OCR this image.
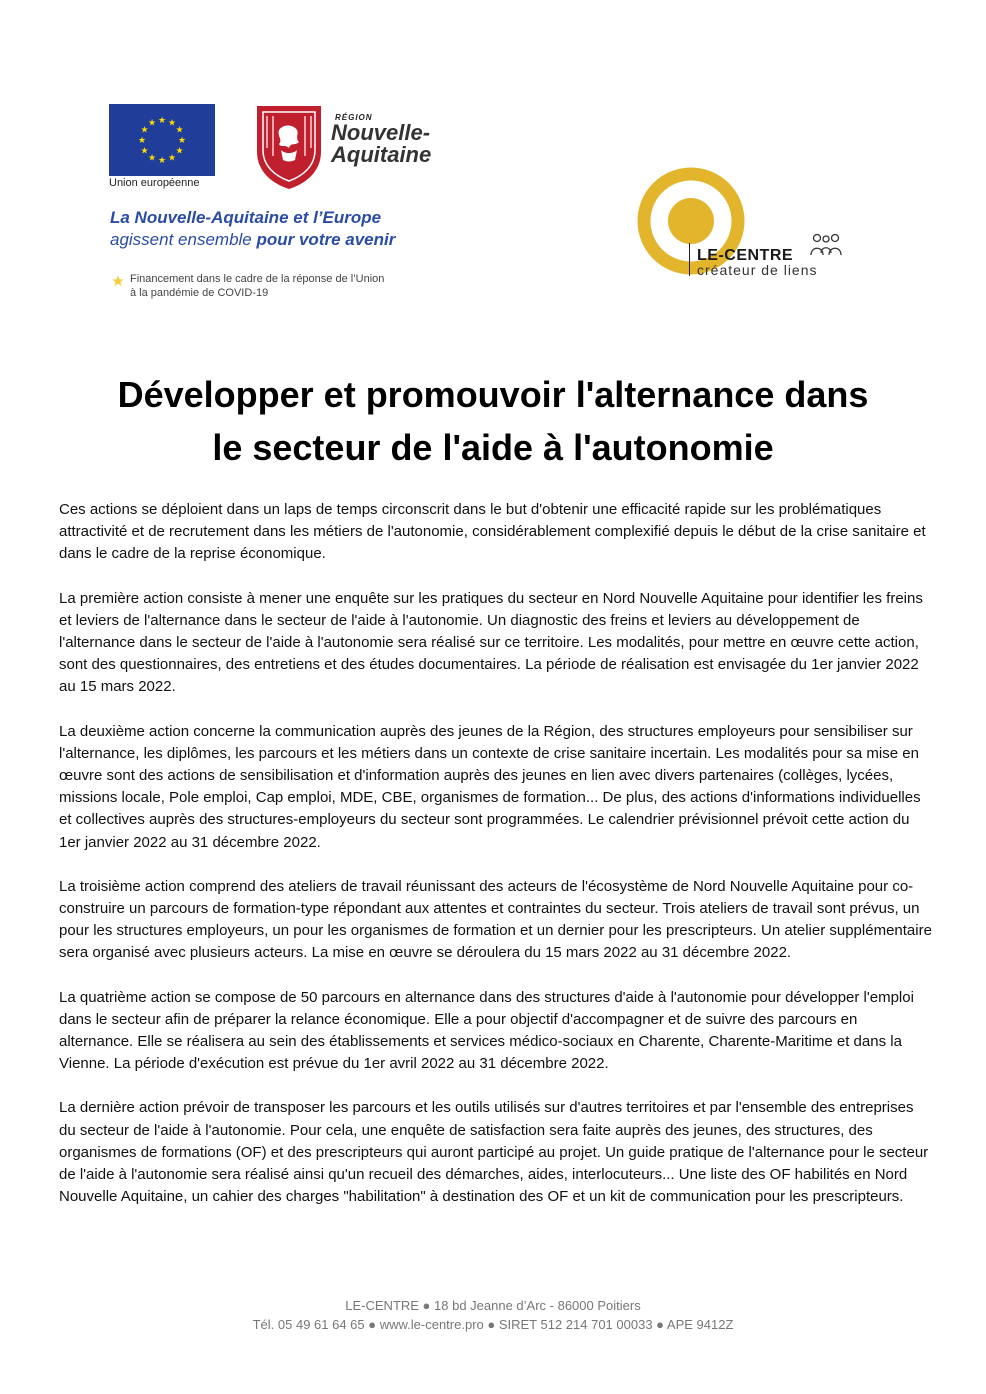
★ ★
★
★
★
★
★
★
★
★
★
★
Union européenne
RÉGION
Nouvelle-
Aquitaine
La Nouvelle-Aquitaine et l’Europe
agissent ensemble pour votre avenir
Financement dans le cadre de la réponse de l’Union
à la pandémie de COVID-19
LE-CENTRE
créateur de liens
Développer et promouvoir l'alternance dans
le secteur de l'aide à l'autonomie

Ces actions se déploient dans un laps de temps circonscrit dans le but d'obtenir une efficacité rapide sur les problématiques attractivité et de recrutement dans les métiers de l'autonomie, considérablement complexifié depuis le début de la crise sanitaire et dans le cadre de la reprise économique.

La première action consiste à mener une enquête sur les pratiques du secteur en Nord Nouvelle Aquitaine pour identifier les freins et leviers de l'alternance dans le secteur de l'aide à l'autonomie. Un diagnostic des freins et leviers au développement de l'alternance dans le secteur de l'aide à l'autonomie sera réalisé sur ce territoire. Les modalités, pour mettre en œuvre cette action, sont des questionnaires, des entretiens et des études documentaires. La période de réalisation est envisagée du 1er janvier 2022 au 15 mars 2022.

La deuxième action concerne la communication auprès des jeunes de la Région, des structures employeurs pour sensibiliser sur l'alternance, les diplômes, les parcours et les métiers dans un contexte de crise sanitaire incertain. Les modalités pour sa mise en œuvre sont des actions de sensibilisation et d'information auprès des jeunes en lien avec divers partenaires (collèges, lycées, missions locale, Pole emploi, Cap emploi, MDE, CBE, organismes de formation... De plus, des actions d'informations individuelles et collectives auprès des structures-employeurs du secteur sont programmées. Le calendrier prévisionnel prévoit cette action du 1er janvier 2022 au 31 décembre 2022.

La troisième action comprend des ateliers de travail réunissant des acteurs de l'écosystème de Nord Nouvelle Aquitaine pour co-construire un parcours de formation-type répondant aux attentes et contraintes du secteur. Trois ateliers de travail sont prévus, un pour les structures employeurs, un pour les organismes de formation et un dernier pour les prescripteurs. Un atelier supplémentaire sera organisé avec plusieurs acteurs. La mise en œuvre se déroulera du 15 mars 2022 au 31 décembre 2022.

La quatrième action se compose de 50 parcours en alternance dans des structures d'aide à l'autonomie pour développer l'emploi dans le secteur afin de préparer la relance économique. Elle a pour objectif d'accompagner et de suivre des parcours en alternance. Elle se réalisera au sein des établissements et services médico-sociaux en Charente, Charente-Maritime et dans la Vienne. La période d'exécution est prévue du 1er avril 2022 au 31 décembre 2022.

La dernière action prévoir de transposer les parcours et les outils utilisés sur d'autres territoires et par l'ensemble des entreprises du secteur de l'aide à l'autonomie. Pour cela, une enquête de satisfaction sera faite auprès des jeunes, des structures, des organismes de formations (OF) et des prescripteurs qui auront participé au projet. Un guide pratique de l'alternance pour le secteur de l'aide à l'autonomie sera réalisé ainsi qu'un recueil des démarches, aides, interlocuteurs... Une liste des OF habilités en Nord Nouvelle Aquitaine, un cahier des charges "habilitation" à destination des OF et un kit de communication pour les prescripteurs.

LE-CENTRE ● 18 bd Jeanne d’Arc - 86000 Poitiers
Tél. 05 49 61 64 65 ● www.le-centre.pro ● SIRET 512 214 701 00033 ● APE 9412Z
